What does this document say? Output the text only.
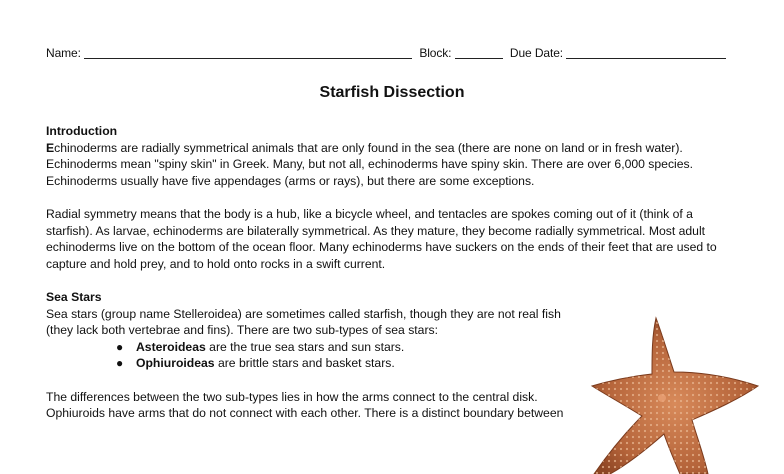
Name:	Block:	Due Date:
Starfish Dissection

Introduction

Echinoderms are radially symmetrical animals that are only found in the sea (there are none on land or in fresh water). Echinoderms mean "spiny skin" in Greek. Many, but not all, echinoderms have spiny skin. There are over 6,000 species. Echinoderms usually have five appendages (arms or rays), but there are some exceptions.

Radial symmetry means that the body is a hub, like a bicycle wheel, and tentacles are spokes coming out of it (think of a starfish). As larvae, echinoderms are bilaterally symmetrical. As they mature, they become radially symmetrical. Most adult echinoderms live on the bottom of the ocean floor. Many echinoderms have suckers on the ends of their feet that are used to capture and hold prey, and to hold onto rocks in a swift current.

Sea Stars

Sea stars (group name Stelleroidea) are sometimes called starfish, though they are not real fish (they lack both vertebrae and fins). There are two sub-types of sea stars:

● Asteroideas are the true sea stars and sun stars.
● Ophiuroideas are brittle stars and basket stars.

The differences between the two sub-types lies in how the arms connect to the central disk. Ophiuroids have arms that do not connect with each other. There is a distinct boundary between
